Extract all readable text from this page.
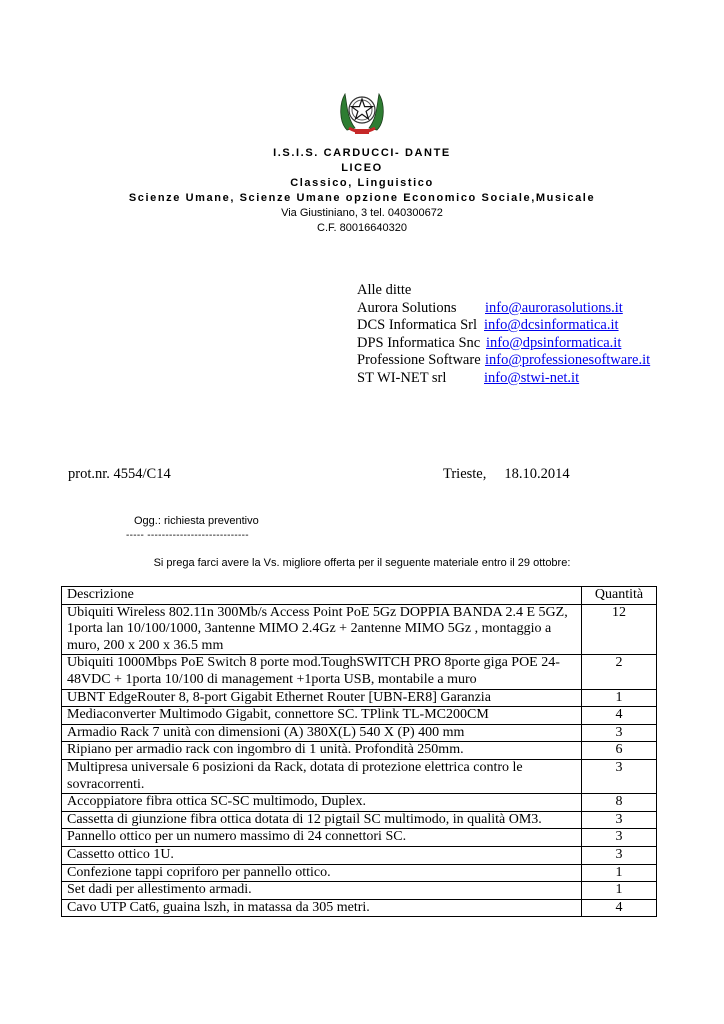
I.S.I.S. CARDUCCI- DANTE
LICEO
Classico, Linguistico
Scienze Umane, Scienze Umane opzione Economico Sociale,Musicale
Via Giustiniano, 3 tel. 040300672
C.F. 80016640320
Alle ditte
Aurora Solutions	info@aurorasolutions.it
DCS Informatica Srl info@dcsinformatica.it
DPS Informatica Snc info@dpsinformatica.it
Professione Software info@professionesoftware.it
ST WI-NET srl	info@stwi-net.it
prot.nr. 4554/C14	Trieste, 18.10.2014
Ogg.: richiesta preventivo
----- ----------------------------
Si prega farci avere la Vs. migliore offerta per il seguente materiale entro il 29 ottobre:
Descrizione	Quantità
Ubiquiti Wireless 802.11n 300Mb/s Access Point PoE 5Gz DOPPIA BANDA 2.4 E 5GZ, 1porta lan 10/100/1000, 3antenne MIMO 2.4Gz + 2antenne MIMO 5Gz , montaggio a muro, 200 x 200 x 36.5 mm	12
Ubiquiti 1000Mbps PoE Switch 8 porte mod.ToughSWITCH PRO 8porte giga POE 24-48VDC + 1porta 10/100 di management +1porta USB, montabile a muro	2
UBNT EdgeRouter 8, 8-port Gigabit Ethernet Router [UBN-ER8] Garanzia	1
Mediaconverter Multimodo Gigabit, connettore SC. TPlink TL-MC200CM	4
Armadio Rack 7 unità con dimensioni (A) 380X(L) 540 X (P) 400 mm	3
Ripiano per armadio rack con ingombro di 1 unità. Profondità 250mm.	6
Multipresa universale 6 posizioni da Rack, dotata di protezione elettrica contro le sovracorrenti.	3
Accoppiatore fibra ottica SC-SC multimodo, Duplex.	8
Cassetta di giunzione fibra ottica dotata di 12 pigtail SC multimodo, in qualità OM3.	3
Pannello ottico per un numero massimo di 24 connettori SC.	3
Cassetto ottico 1U.	3
Confezione tappi copriforo per pannello ottico.	1
Set dadi per allestimento armadi.	1
Cavo UTP Cat6, guaina lszh, in matassa da 305 metri.	4
